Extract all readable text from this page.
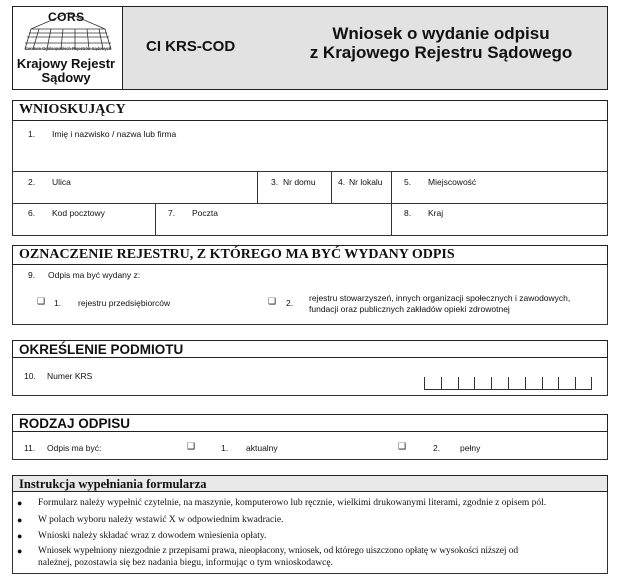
CORS
Centrum Ogólnopolskich Rejestrów Sądowych
Krajowy Rejestr
Sądowy
CI KRS-COD
Wniosek o wydanie odpisu
z Krajowego Rejestru Sądowego
WNIOSKUJĄCY
1. Imię i nazwisko / nazwa lub firma
2. Ulica	3. Nr domu	4. Nr lokalu	5. Miejscowość
6. Kod pocztowy	7. Poczta	8. Kraj
OZNACZENIE REJESTRU, Z KTÓREGO MA BYĆ WYDANY ODPIS
9. Odpis ma być wydany z:
❑ 1. rejestru przedsiębiorców	❑ 2. rejestru stowarzyszeń, innych organizacji społecznych i zawodowych,
fundacji oraz publicznych zakładów opieki zdrowotnej
OKREŚLENIE PODMIOTU
10. Numer KRS
RODZAJ ODPISU
11. Odpis ma być:	❑	1. aktualny	❑	2. pełny
Instrukcja wypełniania formularza
● Formularz należy wypełnić czytelnie, na maszynie, komputerowo lub ręcznie, wielkimi drukowanymi literami, zgodnie z opisem pól.
● W polach wyboru należy wstawić X w odpowiednim kwadracie.
● Wnioski należy składać wraz z dowodem wniesienia opłaty.
● Wniosek wypełniony niezgodnie z przepisami prawa, nieopłacony, wniosek, od którego uiszczono opłatę w wysokości niższej od
należnej, pozostawia się bez nadania biegu, informując o tym wnioskodawcę.
